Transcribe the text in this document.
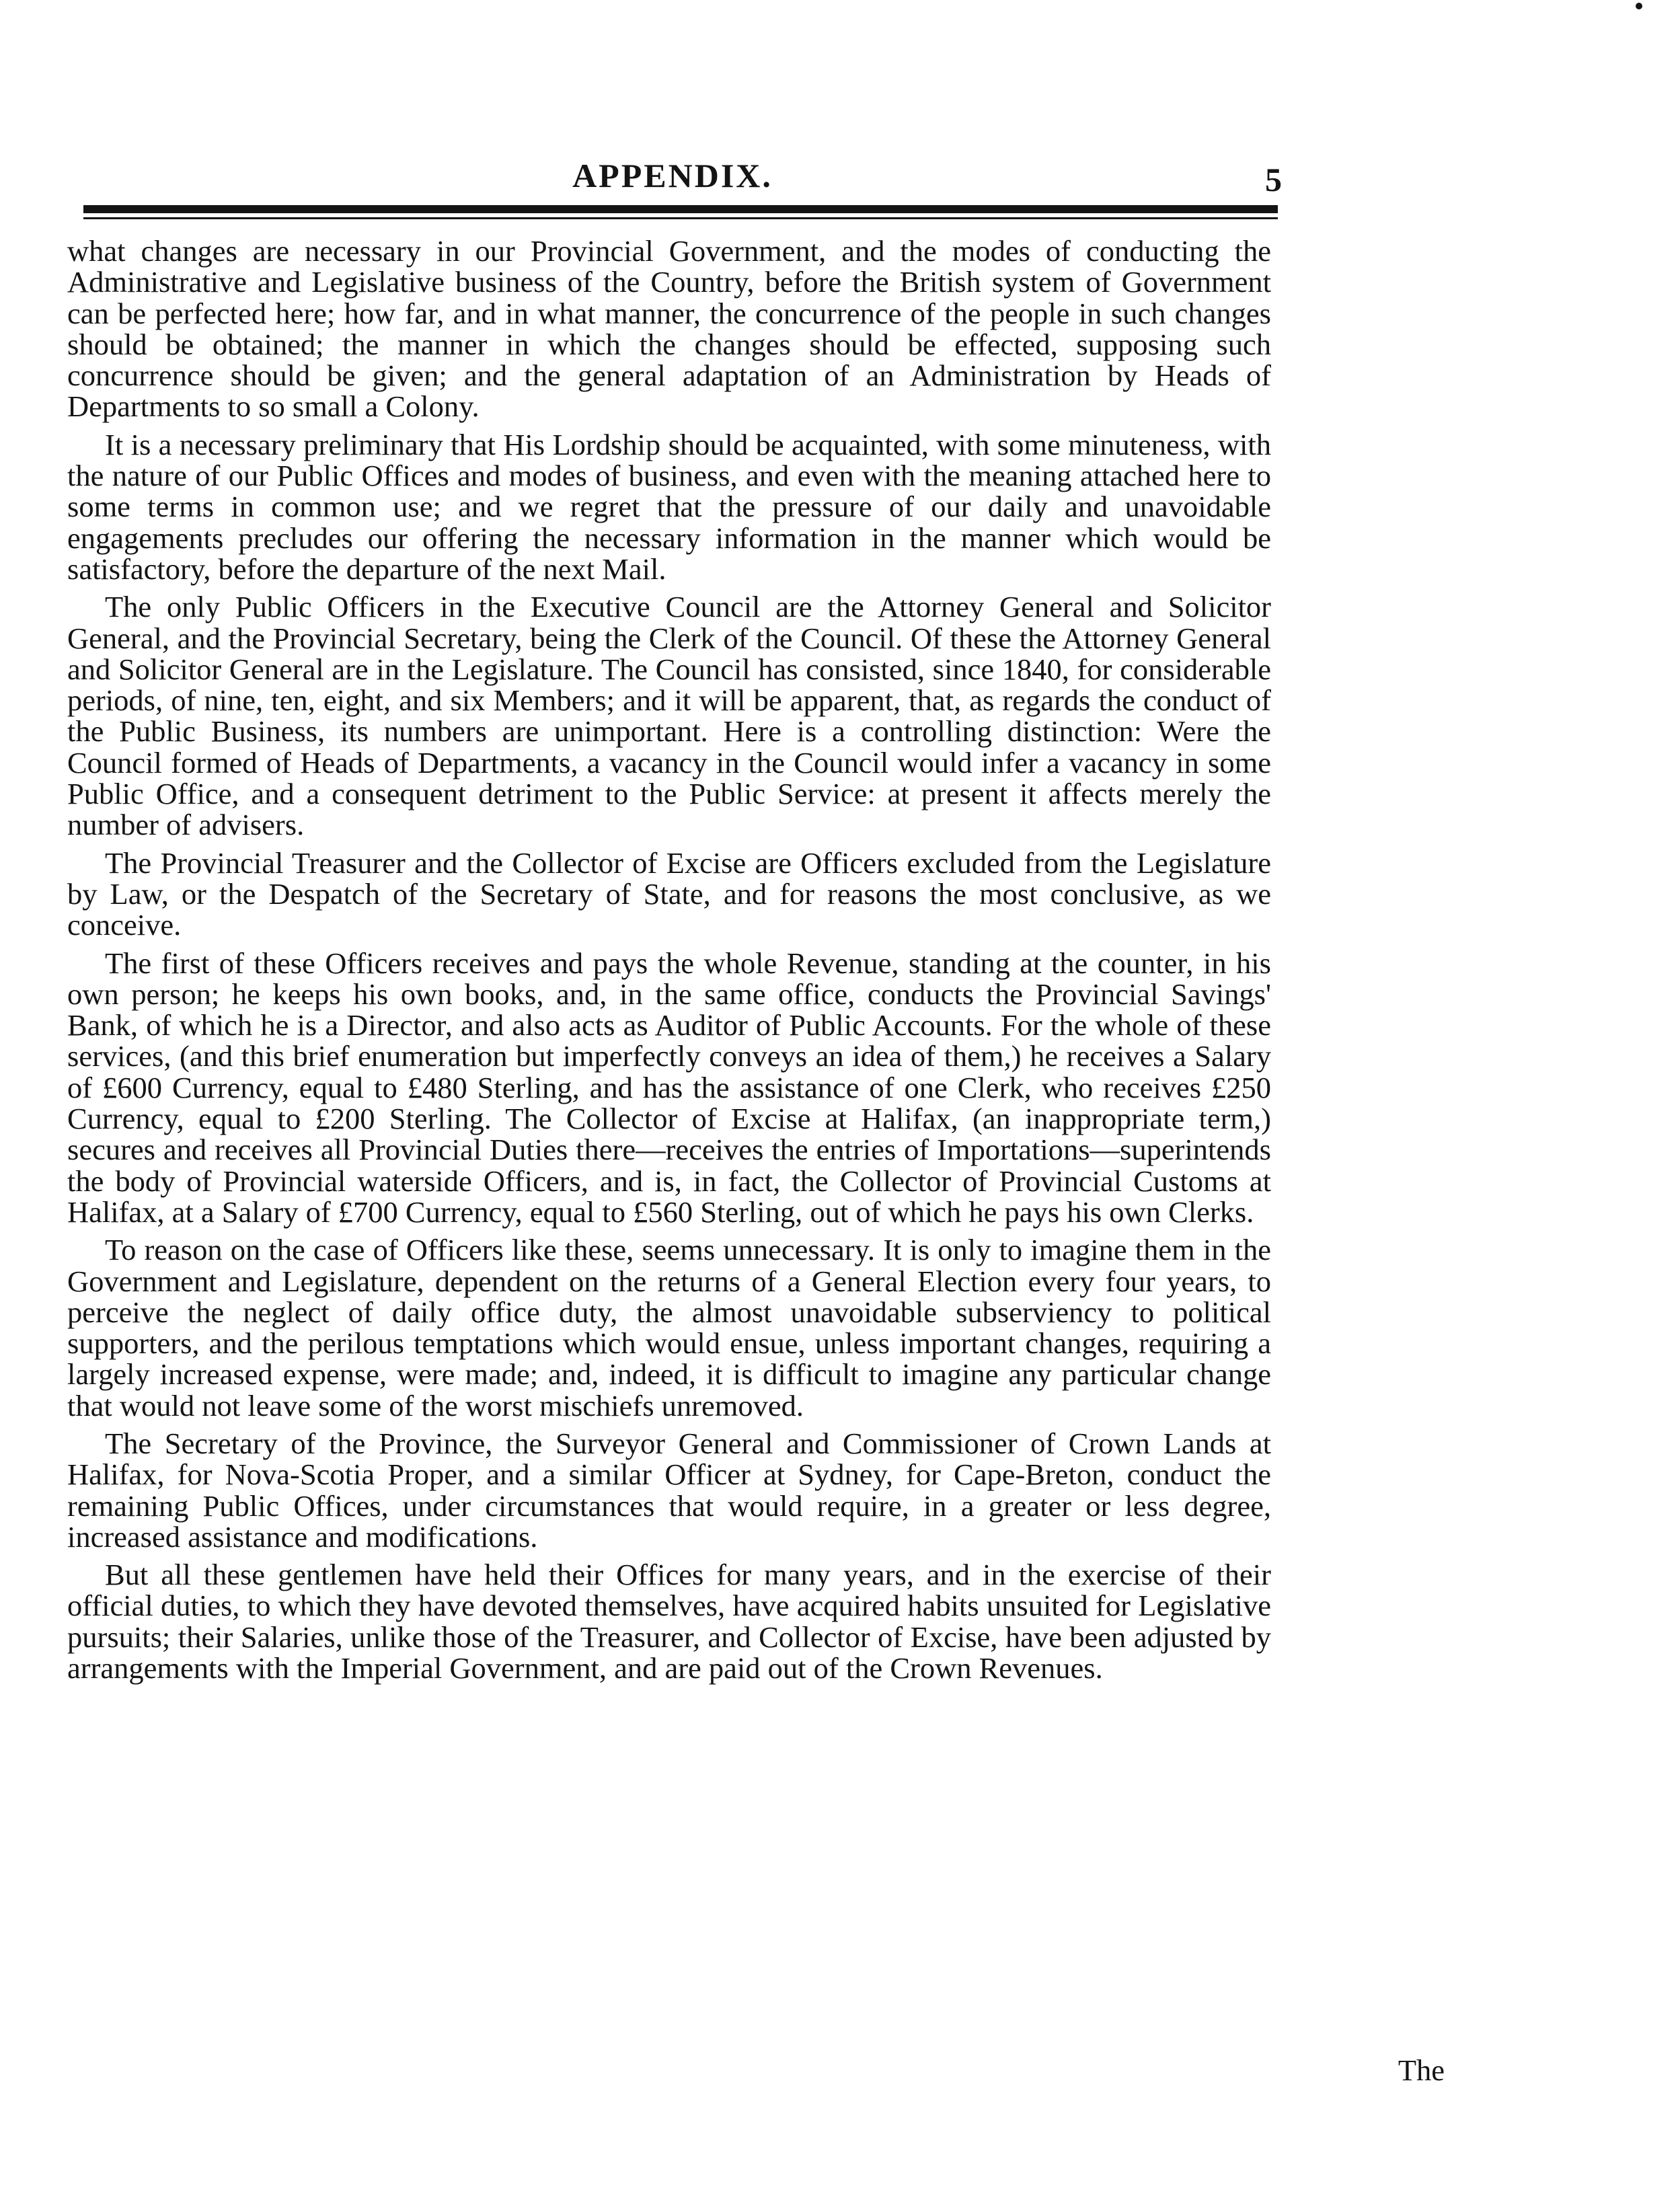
APPENDIX.	5

what changes are necessary in our Provincial Government, and the modes of conducting the Administrative and Legislative business of the Country, before the British system of Government can be perfected here; how far, and in what manner, the concurrence of the people in such changes should be obtained; the manner in which the changes should be effected, supposing such concurrence should be given; and the general adaptation of an Administration by Heads of Departments to so small a Colony.

It is a necessary preliminary that His Lordship should be acquainted, with some minuteness, with the nature of our Public Offices and modes of business, and even with the meaning attached here to some terms in common use; and we regret that the pressure of our daily and unavoidable engagements precludes our offering the necessary information in the manner which would be satisfactory, before the departure of the next Mail.

The only Public Officers in the Executive Council are the Attorney General and Solicitor General, and the Provincial Secretary, being the Clerk of the Council. Of these the Attorney General and Solicitor General are in the Legislature. The Council has consisted, since 1840, for considerable periods, of nine, ten, eight, and six Members; and it will be apparent, that, as regards the conduct of the Public Business, its numbers are unimportant. Here is a controlling distinction: Were the Council formed of Heads of Departments, a vacancy in the Council would infer a vacancy in some Public Office, and a consequent detriment to the Public Service: at present it affects merely the number of advisers.

The Provincial Treasurer and the Collector of Excise are Officers excluded from the Legislature by Law, or the Despatch of the Secretary of State, and for reasons the most conclusive, as we conceive.

The first of these Officers receives and pays the whole Revenue, standing at the counter, in his own person; he keeps his own books, and, in the same office, conducts the Provincial Savings' Bank, of which he is a Director, and also acts as Auditor of Public Accounts. For the whole of these services, (and this brief enumeration but imperfectly conveys an idea of them,) he receives a Salary of £600 Currency, equal to £480 Sterling, and has the assistance of one Clerk, who receives £250 Currency, equal to £200 Sterling. The Collector of Excise at Halifax, (an inappropriate term,) secures and receives all Provincial Duties there—receives the entries of Importations—superintends the body of Provincial waterside Officers, and is, in fact, the Collector of Provincial Customs at Halifax, at a Salary of £700 Currency, equal to £560 Sterling, out of which he pays his own Clerks.

To reason on the case of Officers like these, seems unnecessary. It is only to imagine them in the Government and Legislature, dependent on the returns of a General Election every four years, to perceive the neglect of daily office duty, the almost unavoidable subserviency to political supporters, and the perilous temptations which would ensue, unless important changes, requiring a largely increased expense, were made; and, indeed, it is difficult to imagine any particular change that would not leave some of the worst mischiefs unremoved.

The Secretary of the Province, the Surveyor General and Commissioner of Crown Lands at Halifax, for Nova-Scotia Proper, and a similar Officer at Sydney, for Cape-Breton, conduct the remaining Public Offices, under circumstances that would require, in a greater or less degree, increased assistance and modifications.

But all these gentlemen have held their Offices for many years, and in the exercise of their official duties, to which they have devoted themselves, have acquired habits unsuited for Legislative pursuits; their Salaries, unlike those of the Treasurer, and Collector of Excise, have been adjusted by arrangements with the Imperial Government, and are paid out of the Crown Revenues.

The
